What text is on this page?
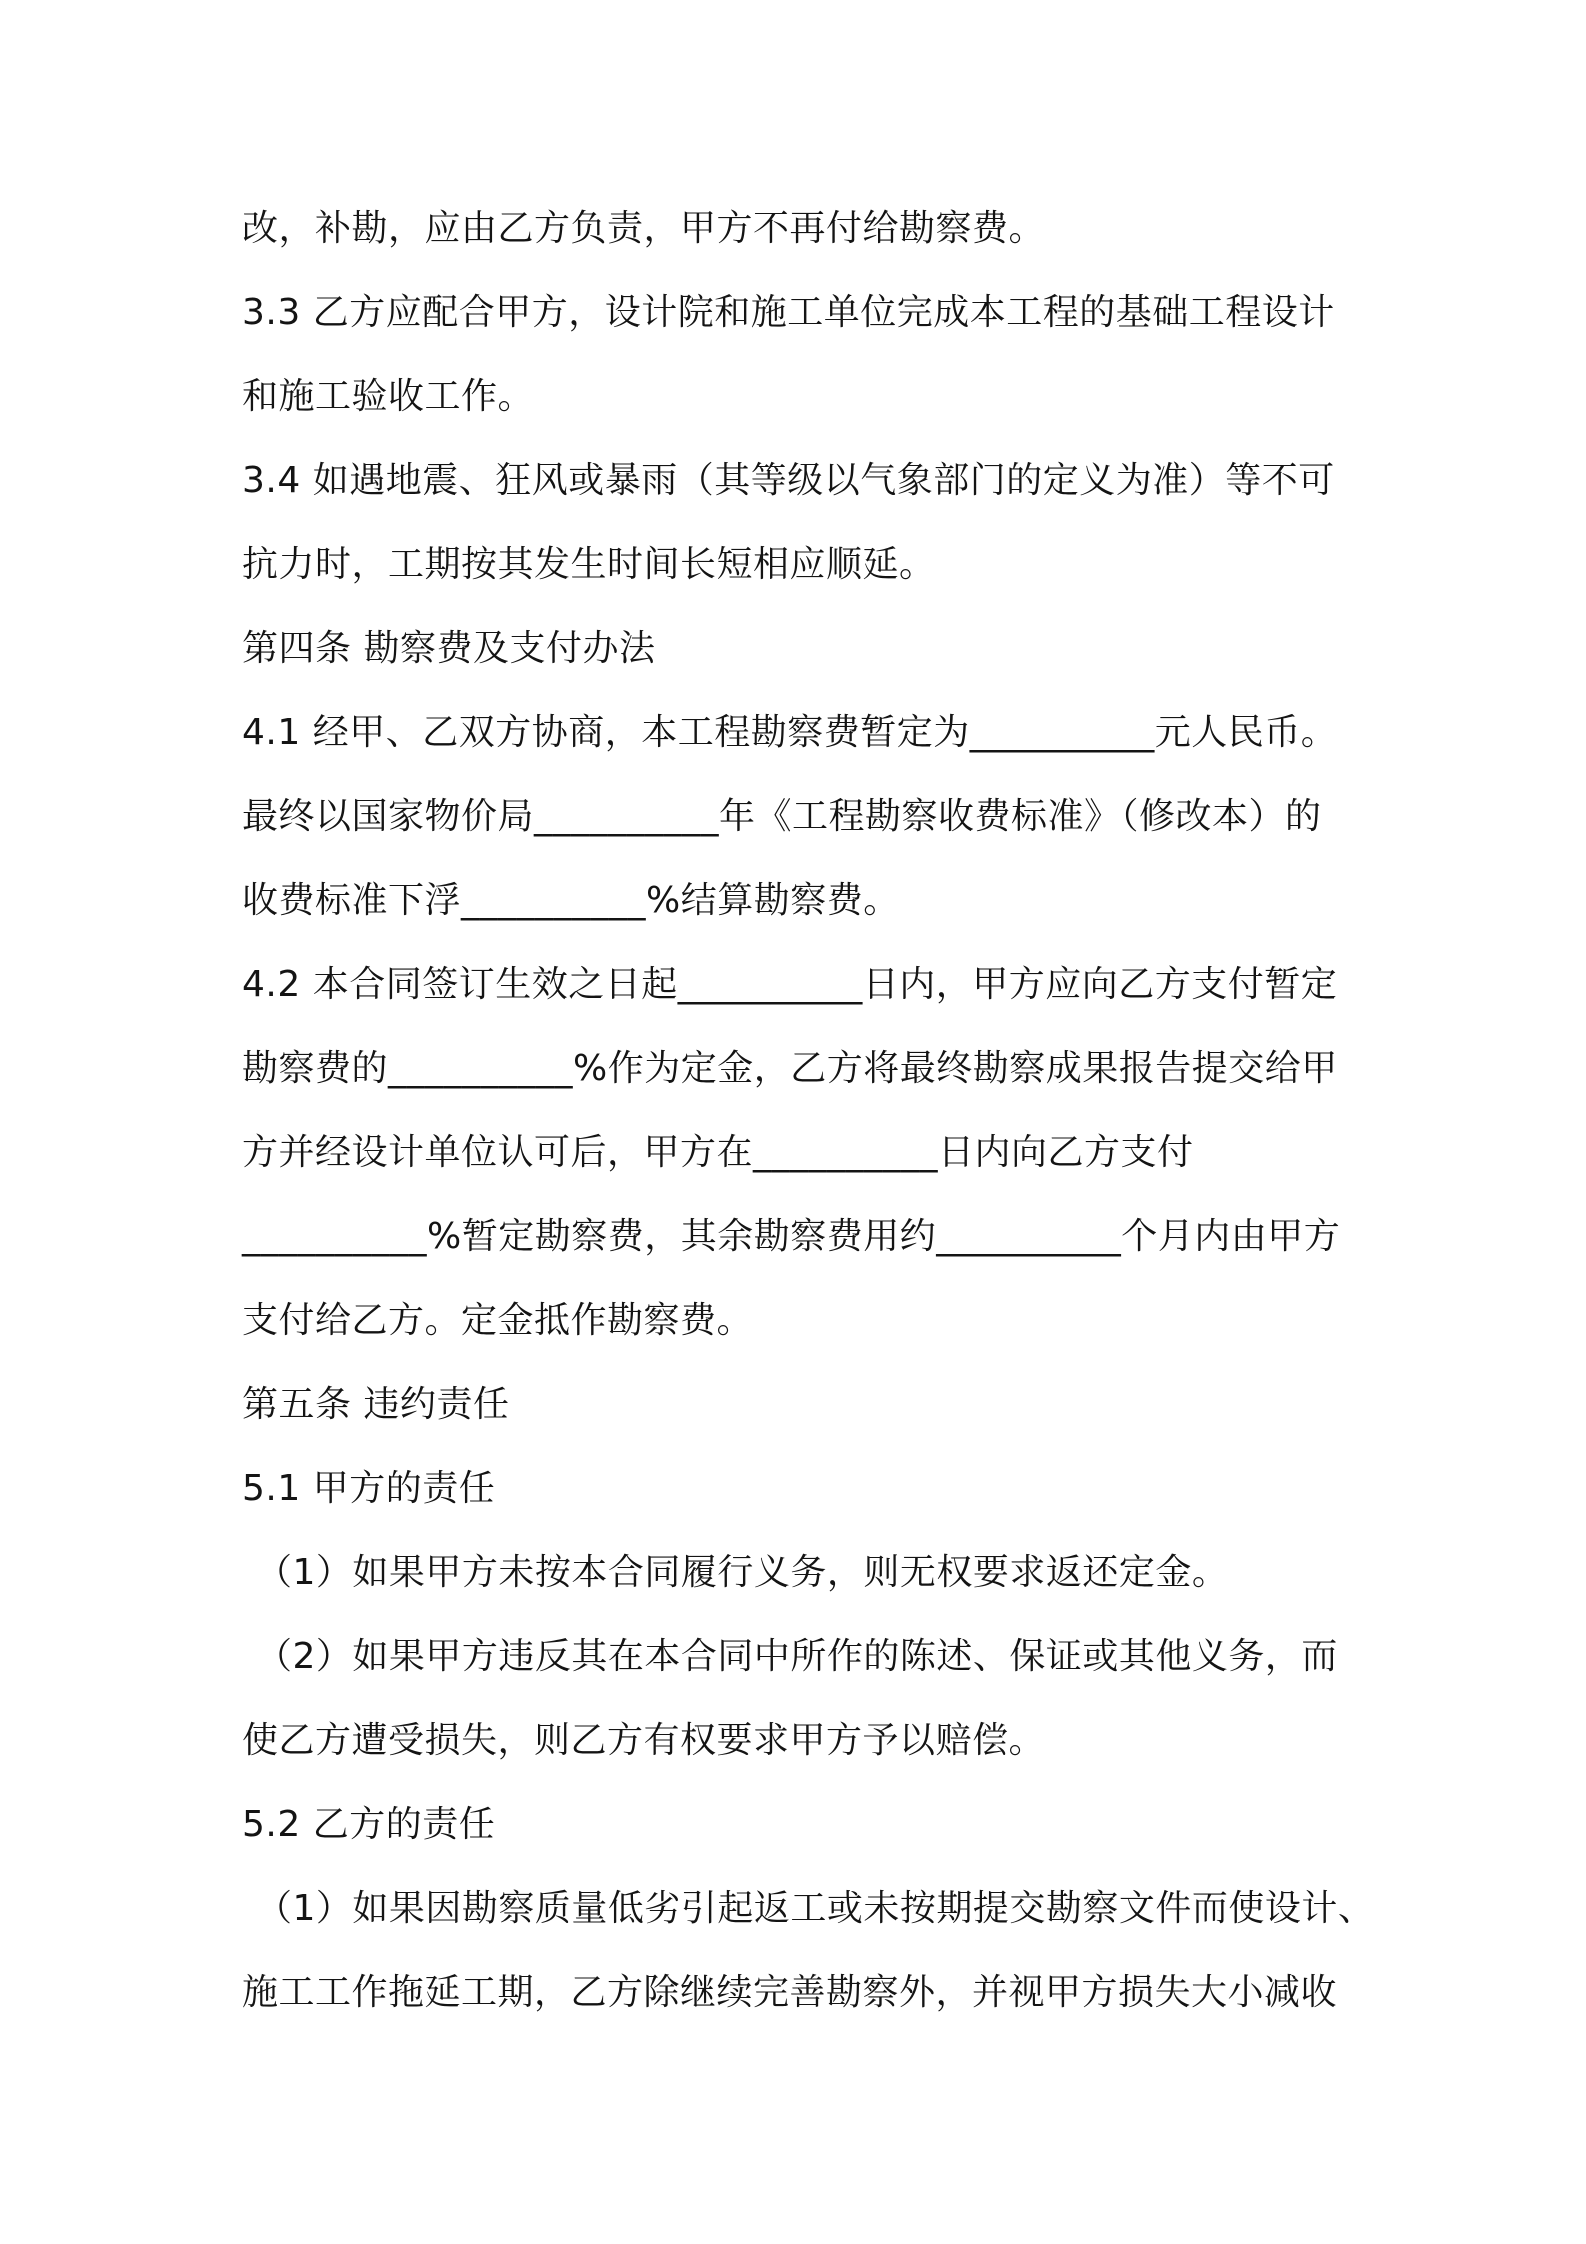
改，补勘，应由乙方负责，甲方不再付给勘察费。
3.3 乙方应配合甲方，设计院和施工单位完成本工程的基础工程设计
和施工验收工作。
3.4 如遇地震、狂风或暴雨（其等级以气象部门的定义为准）等不可
抗力时，工期按其发生时间长短相应顺延。
第四条 勘察费及支付办法
4.1 经甲、乙双方协商，本工程勘察费暂定为__________元人民币。
最终以国家物价局__________年《工程勘察收费标准》（修改本）的
收费标准下浮__________%结算勘察费。
4.2 本合同签订生效之日起__________日内，甲方应向乙方支付暂定
勘察费的__________%作为定金，乙方将最终勘察成果报告提交给甲
方并经设计单位认可后，甲方在__________日内向乙方支付
__________%暂定勘察费，其余勘察费用约__________个月内由甲方
支付给乙方。定金抵作勘察费。
第五条 违约责任
5.1 甲方的责任
（1）如果甲方未按本合同履行义务，则无权要求返还定金。
（2）如果甲方违反其在本合同中所作的陈述、保证或其他义务，而
使乙方遭受损失，则乙方有权要求甲方予以赔偿。
5.2 乙方的责任
（1）如果因勘察质量低劣引起返工或未按期提交勘察文件而使设计、
施工工作拖延工期，乙方除继续完善勘察外，并视甲方损失大小减收
